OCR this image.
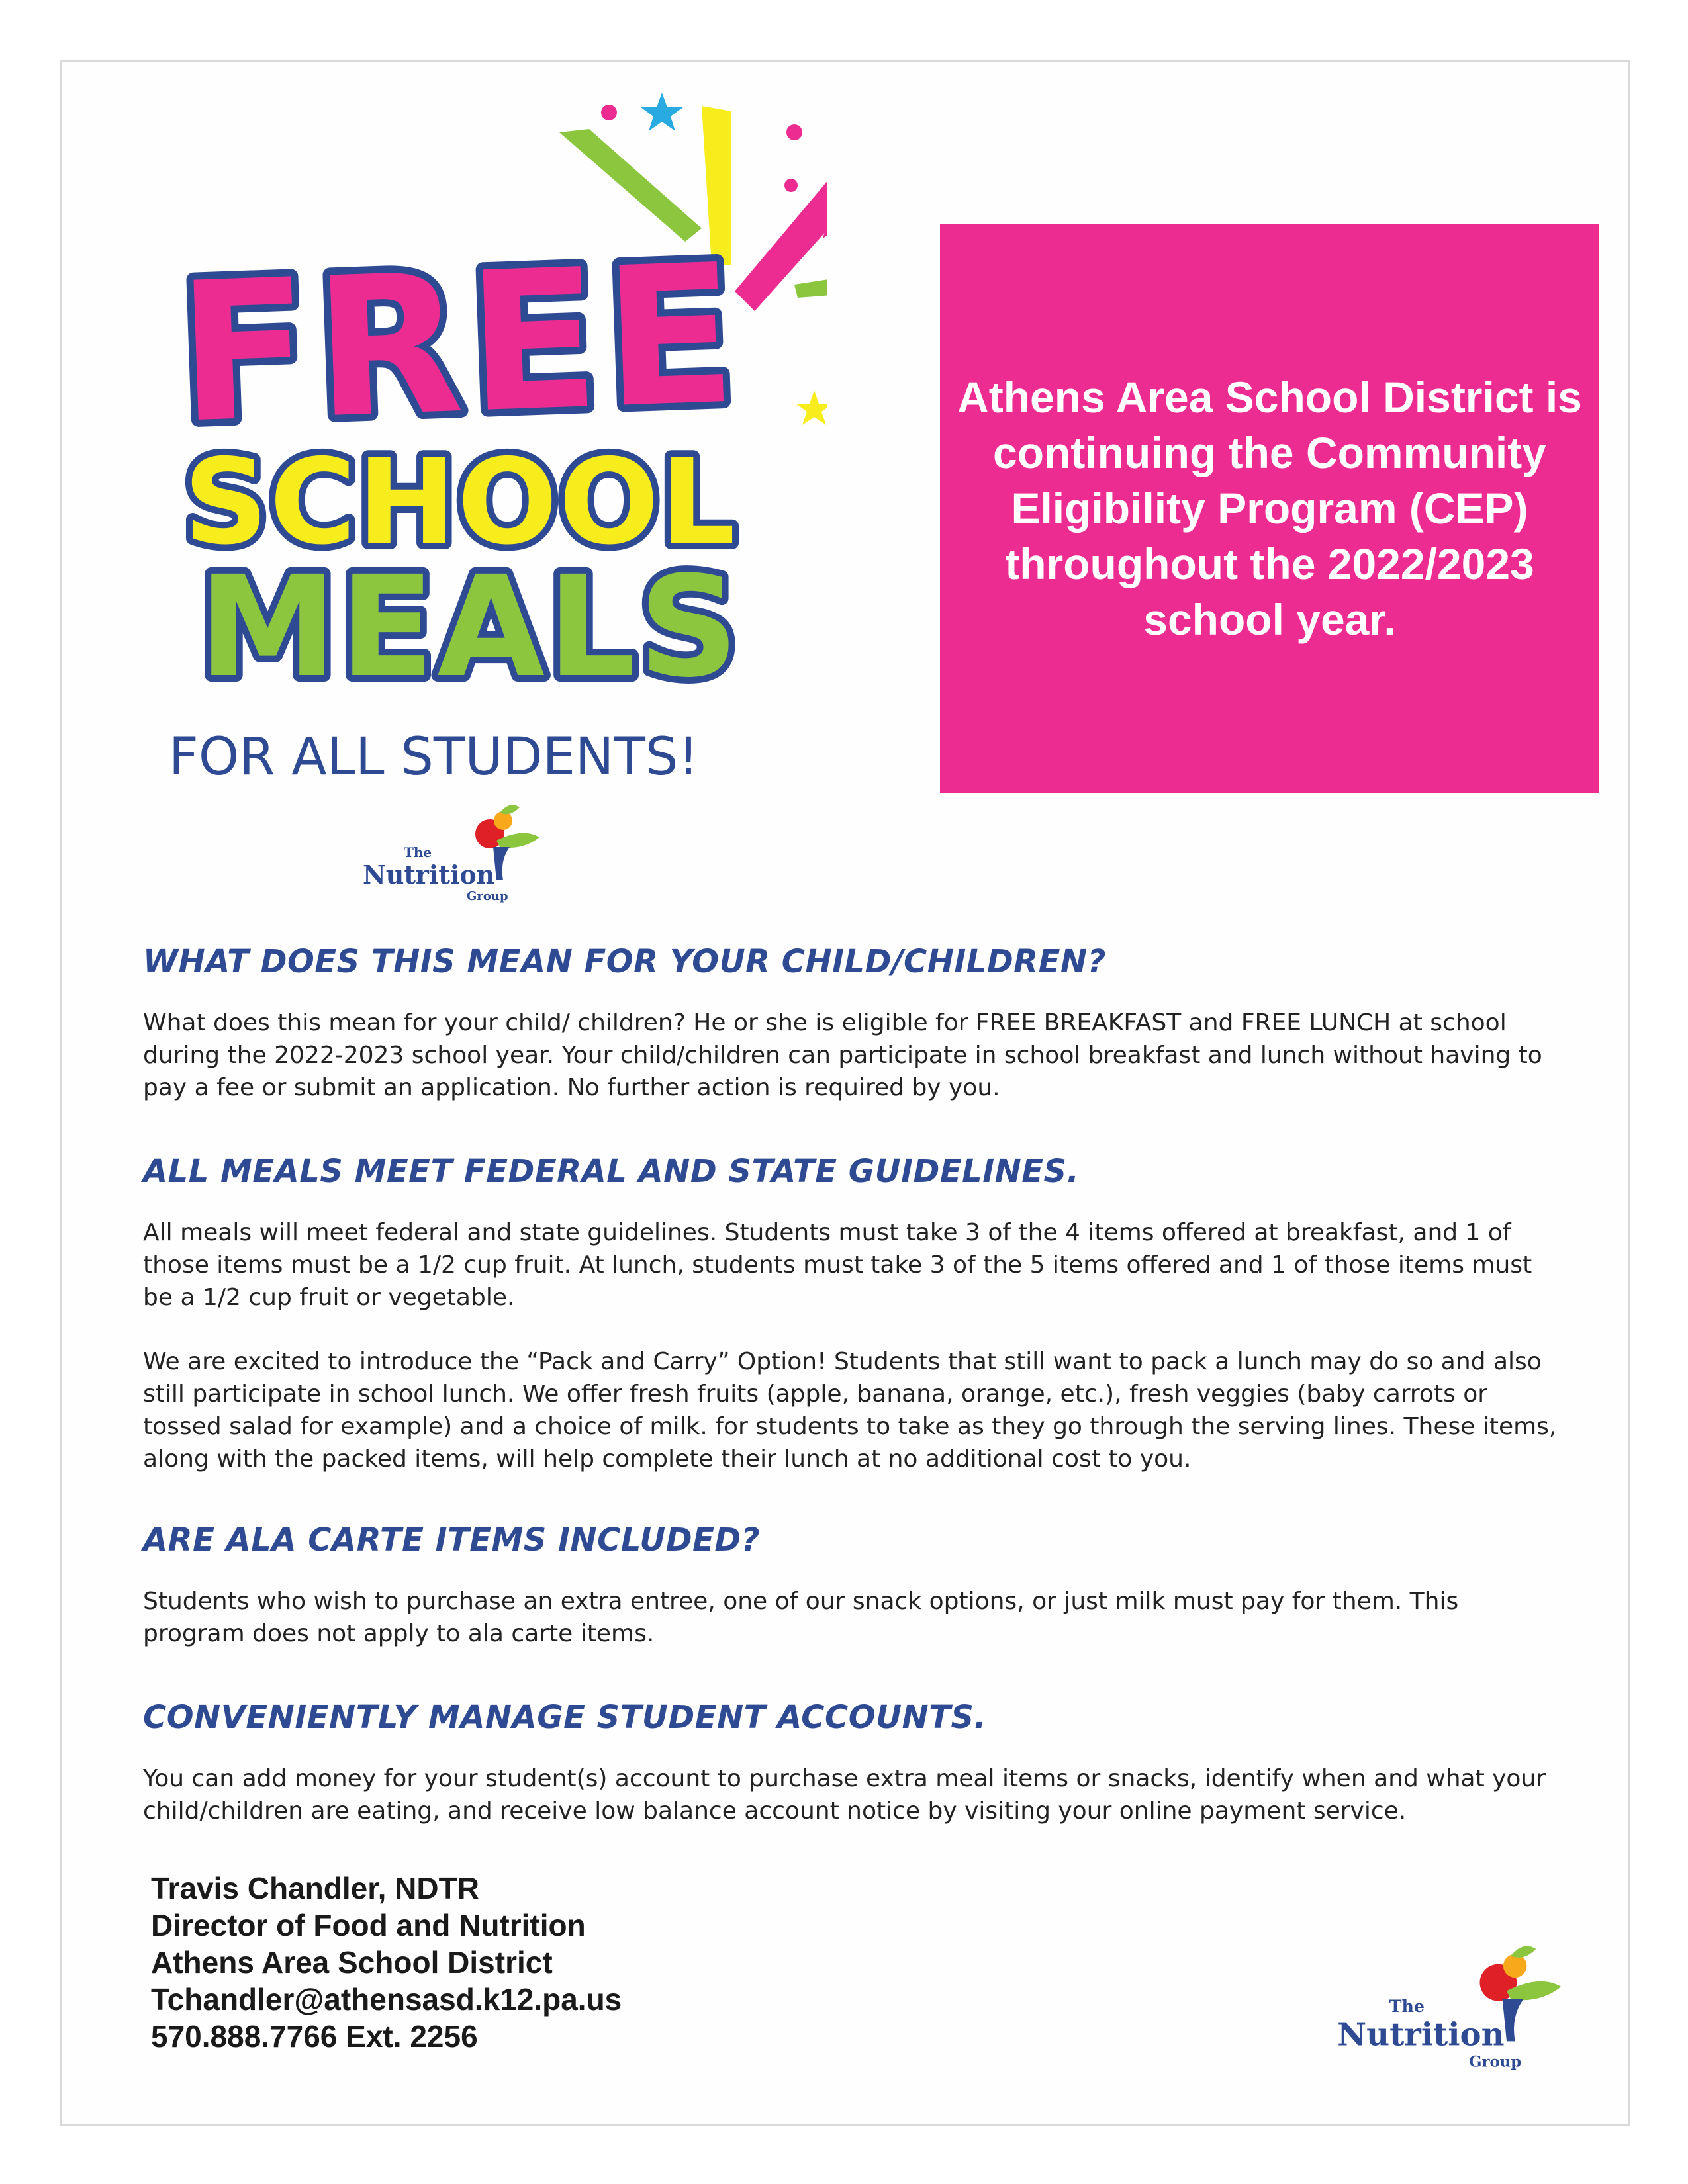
FREE
SCHOOL
MEALS
FOR ALL STUDENTS!

Athens Area School District is continuing the Community Eligibility Program (CEP) throughout the 2022/2023 school year.

The
Nutrition
Group
WHAT DOES THIS MEAN FOR YOUR CHILD/CHILDREN?

What does this mean for your child/ children? He or she is eligible for FREE BREAKFAST and FREE LUNCH at school during the 2022-2023 school year. Your child/children can participate in school breakfast and lunch without having to pay a fee or submit an application. No further action is required by you.

ALL MEALS MEET FEDERAL AND STATE GUIDELINES.

All meals will meet federal and state guidelines. Students must take 3 of the 4 items offered at breakfast, and 1 of those items must be a 1/2 cup fruit. At lunch, students must take 3 of the 5 items offered and 1 of those items must be a 1/2 cup fruit or vegetable.

We are excited to introduce the “Pack and Carry” Option! Students that still want to pack a lunch may do so and also still participate in school lunch. We offer fresh fruits (apple, banana, orange, etc.), fresh veggies (baby carrots or tossed salad for example) and a choice of milk. for students to take as they go through the serving lines. These items, along with the packed items, will help complete their lunch at no additional cost to you.

ARE ALA CARTE ITEMS INCLUDED?

Students who wish to purchase an extra entree, one of our snack options, or just milk must pay for them. This program does not apply to ala carte items.

CONVENIENTLY MANAGE STUDENT ACCOUNTS.

You can add money for your student(s) account to purchase extra meal items or snacks, identify when and what your child/children are eating, and receive low balance account notice by visiting your online payment service.

Travis Chandler, NDTR
Director of Food and Nutrition
Athens Area School District
Tchandler@athensasd.k12.pa.us
570.888.7766 Ext. 2256
The
Nutrition
Group
